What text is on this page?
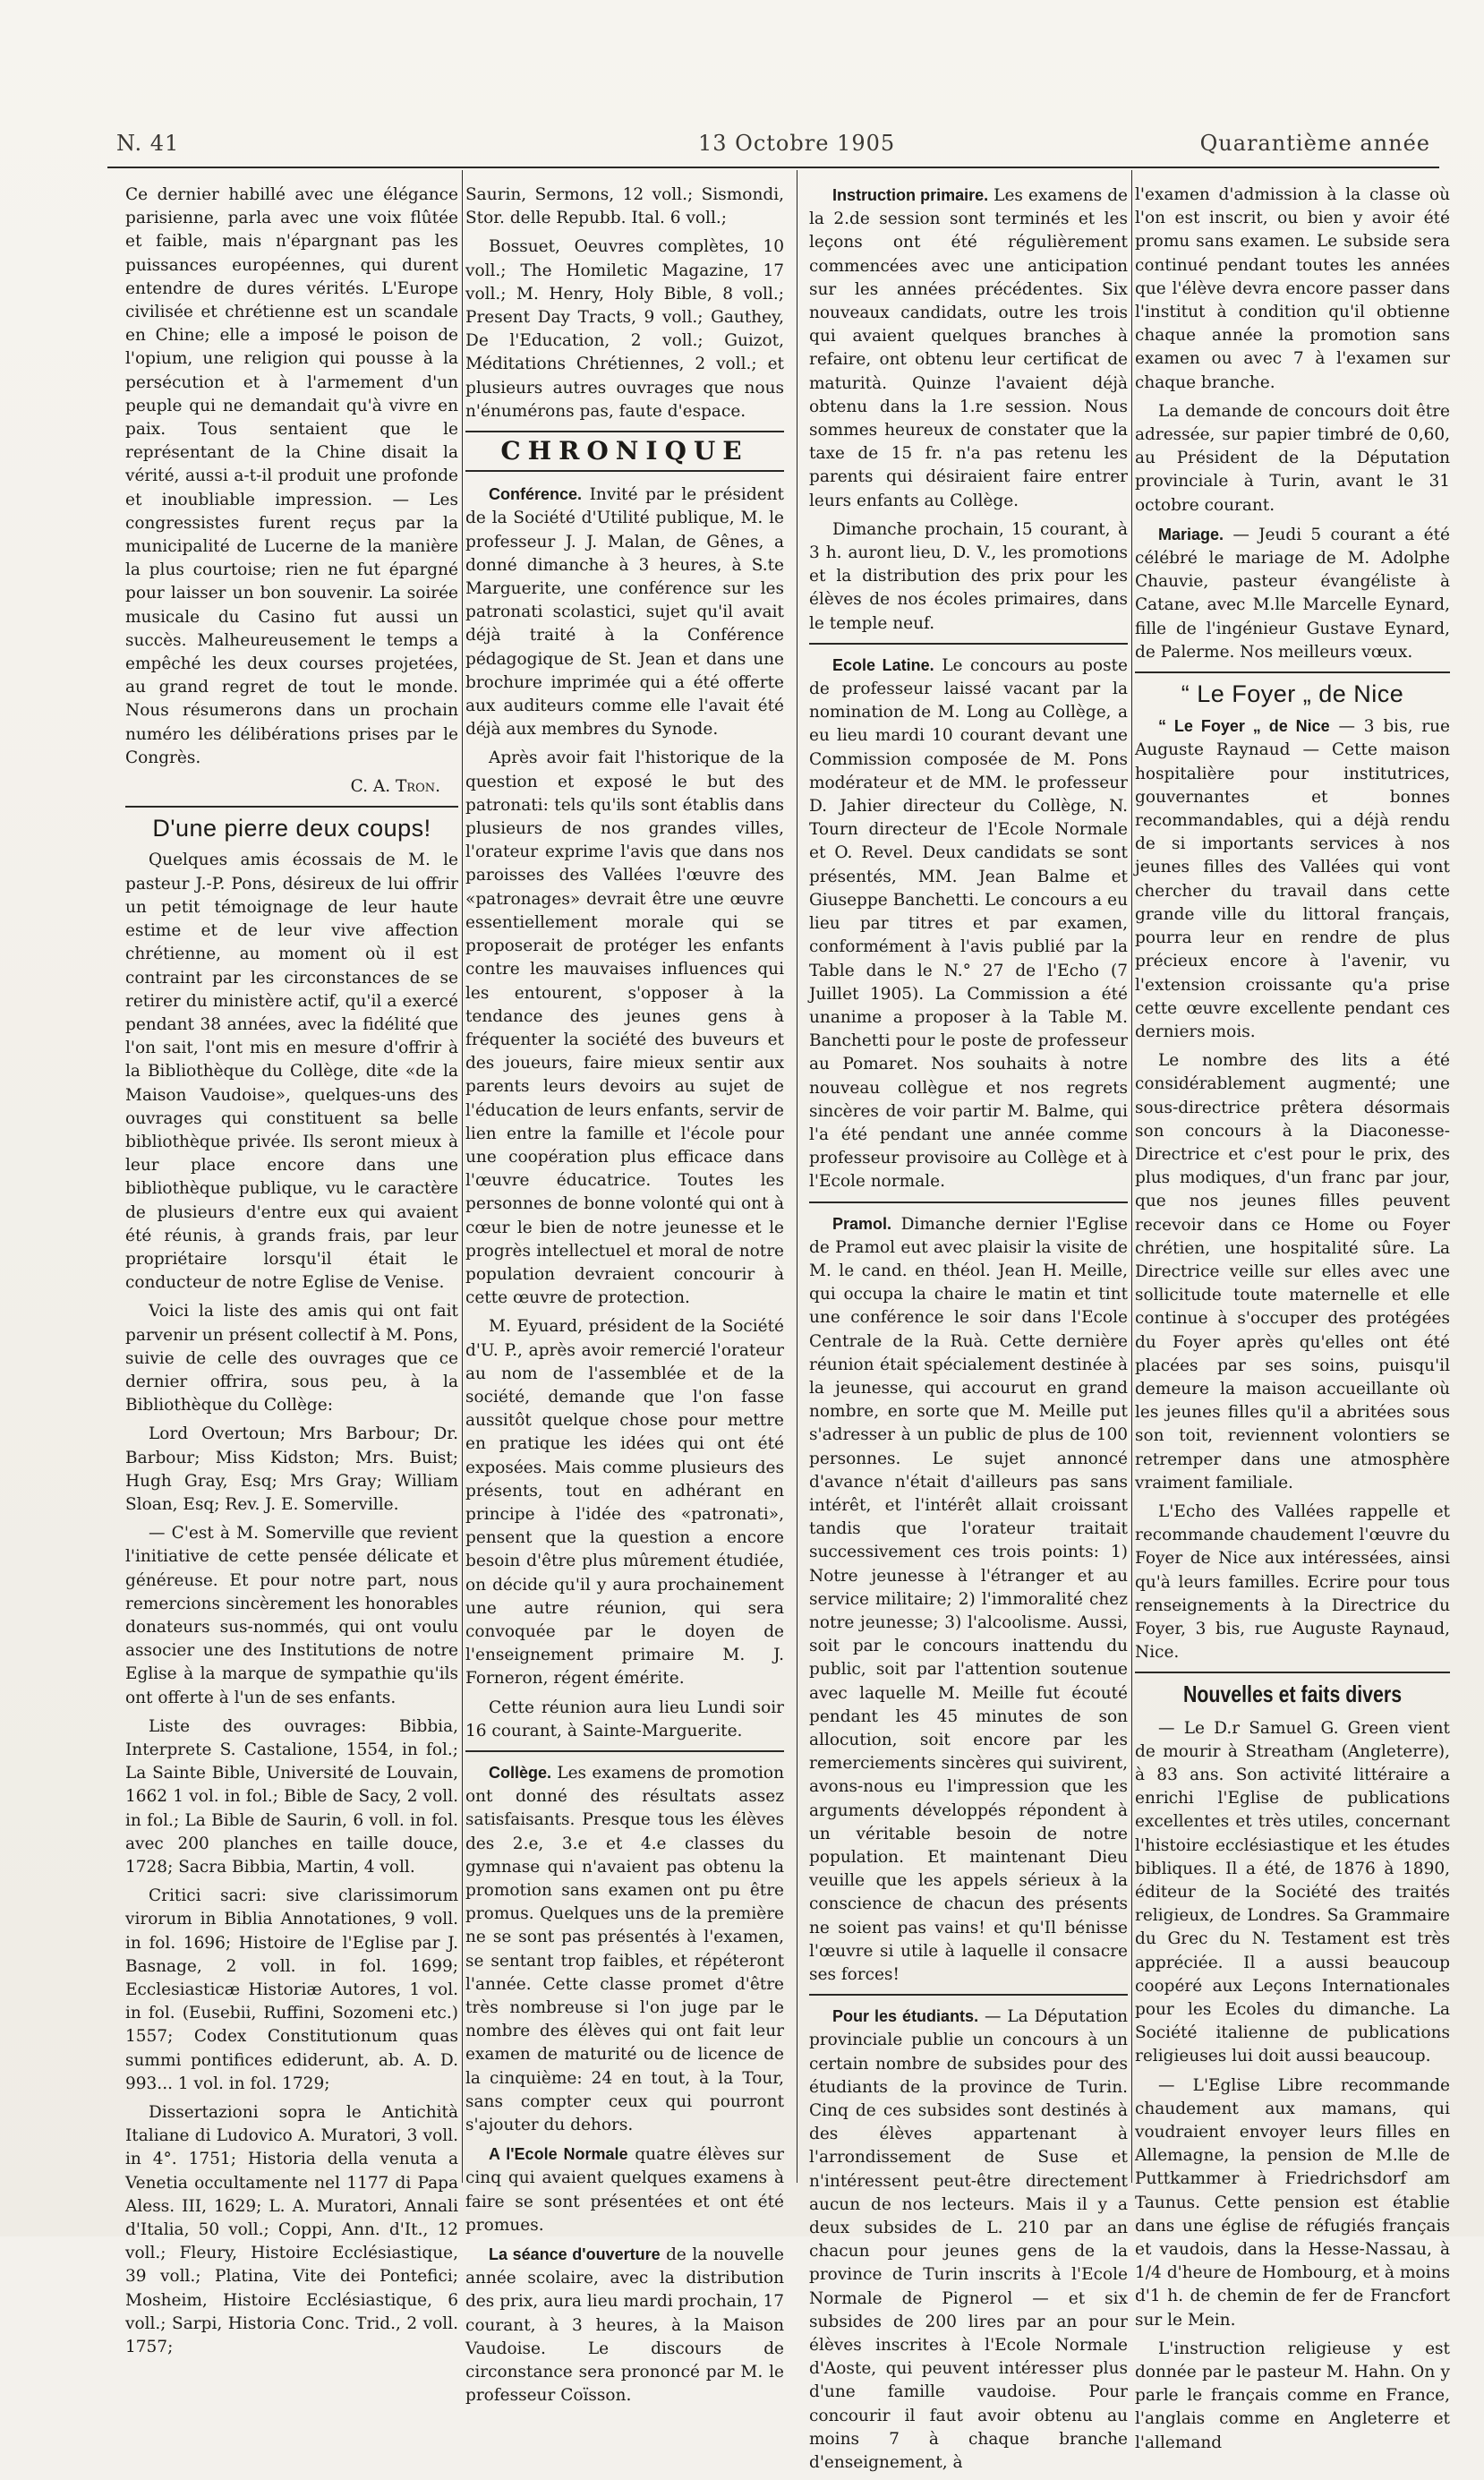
N. 41	13 Octobre 1905	Quarantième année

Ce dernier habillé avec une élégance parisienne, parla avec une voix flûtée et faible, mais n'épargnant pas les puissances européennes, qui durent entendre de dures vérités. L'Europe civilisée et chrétienne est un scandale en Chine; elle a imposé le poison de l'opium, une religion qui pousse à la persécution et à l'armement d'un peuple qui ne demandait qu'à vivre en paix. Tous sentaient que le représentant de la Chine disait la vérité, aussi a-t-il produit une profonde et inoubliable impression. — Les congressistes furent reçus par la municipalité de Lucerne de la manière la plus courtoise; rien ne fut épargné pour laisser un bon souvenir. La soirée musicale du Casino fut aussi un succès. Malheureusement le temps a empêché les deux courses projetées, au grand regret de tout le monde. Nous résumerons dans un prochain numéro les délibérations prises par le Congrès.

C. A. Tron.
D'une pierre deux coups!

Quelques amis écossais de M. le pasteur J.-P. Pons, désireux de lui offrir un petit témoignage de leur haute estime et de leur vive affection chrétienne, au moment où il est contraint par les circonstances de se retirer du ministère actif, qu'il a exercé pendant 38 années, avec la fidélité que l'on sait, l'ont mis en mesure d'offrir à la Bibliothèque du Collège, dite «de la Maison Vaudoise», quelques-uns des ouvrages qui constituent sa belle bibliothèque privée. Ils seront mieux à leur place encore dans une bibliothèque publique, vu le caractère de plusieurs d'entre eux qui avaient été réunis, à grands frais, par leur propriétaire lorsqu'il était le conducteur de notre Eglise de Venise.

Voici la liste des amis qui ont fait parvenir un présent collectif à M. Pons, suivie de celle des ouvrages que ce dernier offrira, sous peu, à la Bibliothèque du Collège:

Lord Overtoun; Mrs Barbour; Dr. Barbour; Miss Kidston; Mrs. Buist; Hugh Gray, Esq; Mrs Gray; William Sloan, Esq; Rev. J. E. Somerville.

— C'est à M. Somerville que revient l'initiative de cette pensée délicate et généreuse. Et pour notre part, nous remercions sincèrement les honorables donateurs sus-nommés, qui ont voulu associer une des Institutions de notre Eglise à la marque de sympathie qu'ils ont offerte à l'un de ses enfants.

Liste des ouvrages: Bibbia, Interprete S. Castalione, 1554, in fol.; La Sainte Bible, Université de Louvain, 1662 1 vol. in fol.; Bible de Sacy, 2 voll. in fol.; La Bible de Saurin, 6 voll. in fol. avec 200 planches en taille douce, 1728; Sacra Bibbia, Martin, 4 voll.

Critici sacri: sive clarissimorum virorum in Biblia Annotationes, 9 voll. in fol. 1696; Histoire de l'Eglise par J. Basnage, 2 voll. in fol. 1699; Ecclesiasticæ Historiæ Autores, 1 vol. in fol. (Eusebii, Ruffini, Sozomeni etc.) 1557; Codex Constitutionum quas summi pontifices ediderunt, ab. A. D. 993... 1 vol. in fol. 1729;

Dissertazioni sopra le Antichità Italiane di Ludovico A. Muratori, 3 voll. in 4°. 1751; Historia della venuta a Venetia occultamente nel 1177 di Papa Aless. III, 1629; L. A. Muratori, Annali d'Italia, 50 voll.; Coppi, Ann. d'It., 12 voll.; Fleury, Histoire Ecclésiastique, 39 voll.; Platina, Vite dei Pontefici; Mosheim, Histoire Ecclésiastique, 6 voll.; Sarpi, Historia Conc. Trid., 2 voll. 1757;

Saurin, Sermons, 12 voll.; Sismondi, Stor. delle Repubb. Ital. 6 voll.;

Bossuet, Oeuvres complètes, 10 voll.; The Homiletic Magazine, 17 voll.; M. Henry, Holy Bible, 8 voll.; Present Day Tracts, 9 voll.; Gauthey, De l'Education, 2 voll.; Guizot, Méditations Chrétiennes, 2 voll.; et plusieurs autres ouvrages que nous n'énumérons pas, faute d'espace.

CHRONIQUE

Conférence. Invité par le président de la Société d'Utilité publique, M. le professeur J. J. Malan, de Gênes, a donné dimanche à 3 heures, à S.te Marguerite, une conférence sur les patronati scolastici, sujet qu'il avait déjà traité à la Conférence pédagogique de St. Jean et dans une brochure imprimée qui a été offerte aux auditeurs comme elle l'avait été déjà aux membres du Synode.

Après avoir fait l'historique de la question et exposé le but des patronati: tels qu'ils sont établis dans plusieurs de nos grandes villes, l'orateur exprime l'avis que dans nos paroisses des Vallées l'œuvre des «patronages» devrait être une œuvre essentiellement morale qui se proposerait de protéger les enfants contre les mauvaises influences qui les entourent, s'opposer à la tendance des jeunes gens à fréquenter la société des buveurs et des joueurs, faire mieux sentir aux parents leurs devoirs au sujet de l'éducation de leurs enfants, servir de lien entre la famille et l'école pour une coopération plus efficace dans l'œuvre éducatrice. Toutes les personnes de bonne volonté qui ont à cœur le bien de notre jeunesse et le progrès intellectuel et moral de notre population devraient concourir à cette œuvre de protection.

M. Eyuard, président de la Société d'U. P., après avoir remercié l'orateur au nom de l'assemblée et de la société, demande que l'on fasse aussitôt quelque chose pour mettre en pratique les idées qui ont été exposées. Mais comme plusieurs des présents, tout en adhérant en principe à l'idée des «patronati», pensent que la question a encore besoin d'être plus mûrement étudiée, on décide qu'il y aura prochainement une autre réunion, qui sera convoquée par le doyen de l'enseignement primaire M. J. Forneron, régent émérite.

Cette réunion aura lieu Lundi soir 16 courant, à Sainte-Marguerite.

Collège. Les examens de promotion ont donné des résultats assez satisfaisants. Presque tous les élèves des 2.e, 3.e et 4.e classes du gymnase qui n'avaient pas obtenu la promotion sans examen ont pu être promus. Quelques uns de la première ne se sont pas présentés à l'examen, se sentant trop faibles, et répéteront l'année. Cette classe promet d'être très nombreuse si l'on juge par le nombre des élèves qui ont fait leur examen de maturité ou de licence de la cinquième: 24 en tout, à la Tour, sans compter ceux qui pourront s'ajouter du dehors.

A l'Ecole Normale quatre élèves sur cinq qui avaient quelques examens à faire se sont présentées et ont été promues.

La séance d'ouverture de la nouvelle année scolaire, avec la distribution des prix, aura lieu mardi prochain, 17 courant, à 3 heures, à la Maison Vaudoise. Le discours de circonstance sera prononcé par M. le professeur Coïsson.

Instruction primaire. Les examens de la 2.de session sont terminés et les leçons ont été régulièrement commencées avec une anticipation sur les années précédentes. Six nouveaux candidats, outre les trois qui avaient quelques branches à refaire, ont obtenu leur certificat de maturità. Quinze l'avaient déjà obtenu dans la 1.re session. Nous sommes heureux de constater que la taxe de 15 fr. n'a pas retenu les parents qui désiraient faire entrer leurs enfants au Collège.

Dimanche prochain, 15 courant, à 3 h. auront lieu, D. V., les promotions et la distribution des prix pour les élèves de nos écoles primaires, dans le temple neuf.

Ecole Latine. Le concours au poste de professeur laissé vacant par la nomination de M. Long au Collège, a eu lieu mardi 10 courant devant une Commission composée de M. Pons modérateur et de MM. le professeur D. Jahier directeur du Collège, N. Tourn directeur de l'Ecole Normale et O. Revel. Deux candidats se sont présentés, MM. Jean Balme et Giuseppe Banchetti. Le concours a eu lieu par titres et par examen, conformément à l'avis publié par la Table dans le N.° 27 de l'Echo (7 Juillet 1905). La Commission a été unanime a proposer à la Table M. Banchetti pour le poste de professeur au Pomaret. Nos souhaits à notre nouveau collègue et nos regrets sincères de voir partir M. Balme, qui l'a été pendant une année comme professeur provisoire au Collège et à l'Ecole normale.

Pramol. Dimanche dernier l'Eglise de Pramol eut avec plaisir la visite de M. le cand. en théol. Jean H. Meille, qui occupa la chaire le matin et tint une conférence le soir dans l'Ecole Centrale de la Ruà. Cette dernière réunion était spécialement destinée à la jeunesse, qui accourut en grand nombre, en sorte que M. Meille put s'adresser à un public de plus de 100 personnes. Le sujet annoncé d'avance n'était d'ailleurs pas sans intérêt, et l'intérêt allait croissant tandis que l'orateur traitait successivement ces trois points: 1) Notre jeunesse à l'étranger et au service militaire; 2) l'immoralité chez notre jeunesse; 3) l'alcoolisme. Aussi, soit par le concours inattendu du public, soit par l'attention soutenue avec laquelle M. Meille fut écouté pendant les 45 minutes de son allocution, soit encore par les remerciements sincères qui suivirent, avons-nous eu l'impression que les arguments développés répondent à un véritable besoin de notre population. Et maintenant Dieu veuille que les appels sérieux à la conscience de chacun des présents ne soient pas vains! et qu'Il bénisse l'œuvre si utile à laquelle il consacre ses forces!

Pour les étudiants. — La Députation provinciale publie un concours à un certain nombre de subsides pour des étudiants de la province de Turin. Cinq de ces subsides sont destinés à des élèves appartenant à l'arrondissement de Suse et n'intéressent peut-être directement aucun de nos lecteurs. Mais il y a deux subsides de L. 210 par an chacun pour jeunes gens de la province de Turin inscrits à l'Ecole Normale de Pignerol — et six subsides de 200 lires par an pour élèves inscrites à l'Ecole Normale d'Aoste, qui peuvent intéresser plus d'une famille vaudoise. Pour concourir il faut avoir obtenu au moins 7 à chaque branche d'enseignement, à

l'examen d'admission à la classe où l'on est inscrit, ou bien y avoir été promu sans examen. Le subside sera continué pendant toutes les années que l'élève devra encore passer dans l'institut à condition qu'il obtienne chaque année la promotion sans examen ou avec 7 à l'examen sur chaque branche.

La demande de concours doit être adressée, sur papier timbré de 0,60, au Président de la Députation provinciale à Turin, avant le 31 octobre courant.

Mariage. — Jeudi 5 courant a été célébré le mariage de M. Adolphe Chauvie, pasteur évangéliste à Catane, avec M.lle Marcelle Eynard, fille de l'ingénieur Gustave Eynard, de Palerme. Nos meilleurs vœux.

“ Le Foyer „ de Nice

“ Le Foyer „ de Nice — 3 bis, rue Auguste Raynaud — Cette maison hospitalière pour institutrices, gouvernantes et bonnes recommandables, qui a déjà rendu de si importants services à nos jeunes filles des Vallées qui vont chercher du travail dans cette grande ville du littoral français, pourra leur en rendre de plus précieux encore à l'avenir, vu l'extension croissante qu'a prise cette œuvre excellente pendant ces derniers mois.

Le nombre des lits a été considérablement augmenté; une sous-directrice prêtera désormais son concours à la Diaconesse-Directrice et c'est pour le prix, des plus modiques, d'un franc par jour, que nos jeunes filles peuvent recevoir dans ce Home ou Foyer chrétien, une hospitalité sûre. La Directrice veille sur elles avec une sollicitude toute maternelle et elle continue à s'occuper des protégées du Foyer après qu'elles ont été placées par ses soins, puisqu'il demeure la maison accueillante où les jeunes filles qu'il a abritées sous son toit, reviennent volontiers se retremper dans une atmosphère vraiment familiale.

L'Echo des Vallées rappelle et recommande chaudement l'œuvre du Foyer de Nice aux intéressées, ainsi qu'à leurs familles. Ecrire pour tous renseignements à la Directrice du Foyer, 3 bis, rue Auguste Raynaud, Nice.

Nouvelles et faits divers

— Le D.r Samuel G. Green vient de mourir à Streatham (Angleterre), à 83 ans. Son activité littéraire a enrichi l'Eglise de publications excellentes et très utiles, concernant l'histoire ecclésiastique et les études bibliques. Il a été, de 1876 à 1890, éditeur de la Société des traités religieux, de Londres. Sa Grammaire du Grec du N. Testament est très appréciée. Il a aussi beaucoup coopéré aux Leçons Internationales pour les Ecoles du dimanche. La Société italienne de publications religieuses lui doit aussi beaucoup.

— L'Eglise Libre recommande chaudement aux mamans, qui voudraient envoyer leurs filles en Allemagne, la pension de M.lle de Puttkammer à Friedrichsdorf am Taunus. Cette pension est établie dans une église de réfugiés français et vaudois, dans la Hesse-Nassau, à 1/4 d'heure de Hombourg, et à moins d'1 h. de chemin de fer de Francfort sur le Mein.

L'instruction religieuse y est donnée par le pasteur M. Hahn. On y parle le français comme en France, l'anglais comme en Angleterre et l'allemand
